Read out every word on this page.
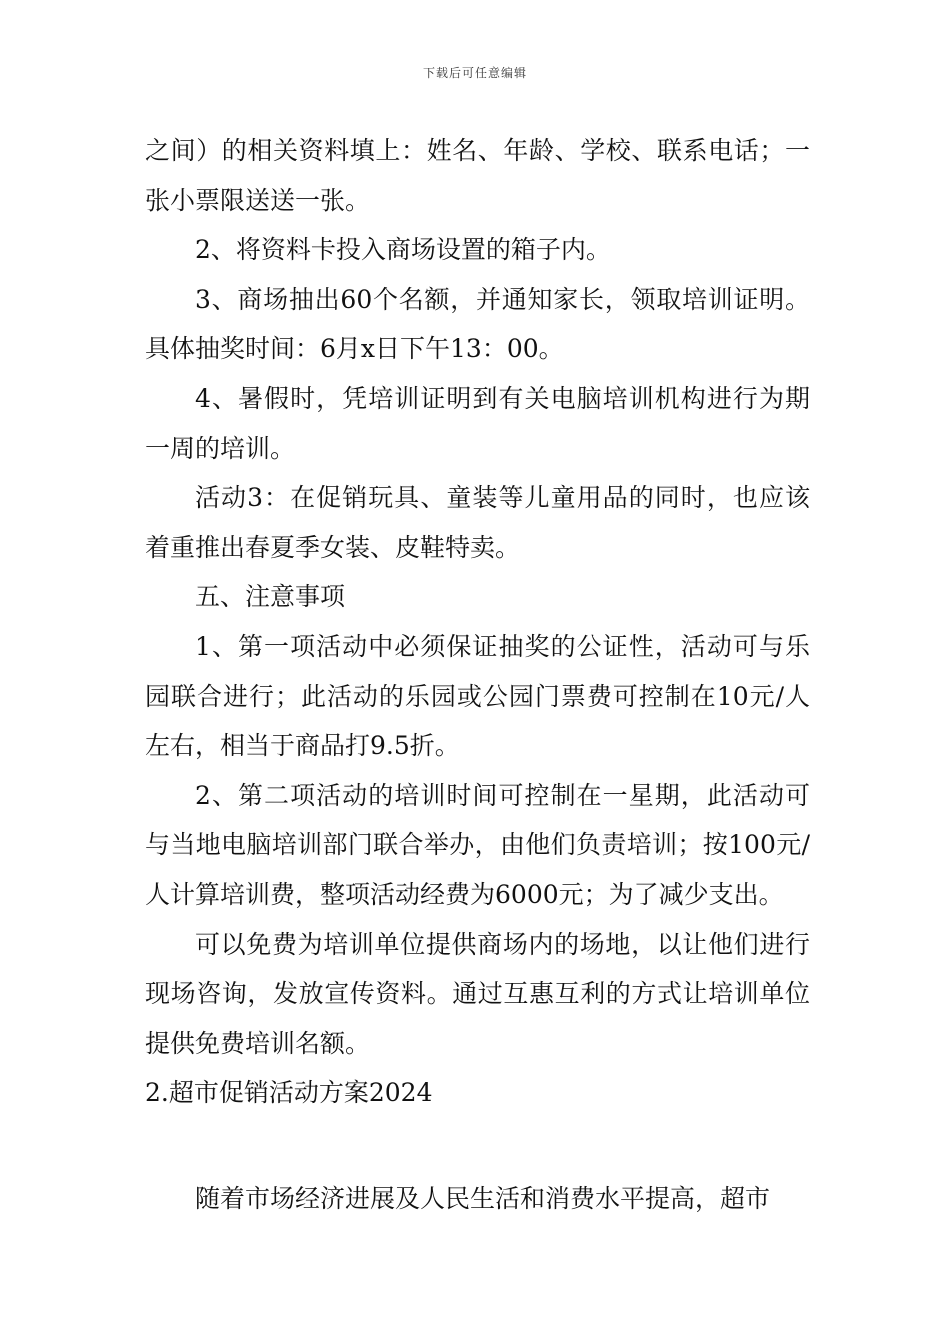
下载后可任意编辑

之间）的相关资料填上：姓名、年龄、学校、联系电话；一张小票限送送一张。

2、将资料卡投入商场设置的箱子内。

3、商场抽出60个名额，并通知家长，领取培训证明。具体抽奖时间：6月x日下午13：00。

4、暑假时，凭培训证明到有关电脑培训机构进行为期一周的培训。

活动3：在促销玩具、童装等儿童用品的同时，也应该着重推出春夏季女装、皮鞋特卖。

五、注意事项

1、第一项活动中必须保证抽奖的公证性，活动可与乐园联合进行；此活动的乐园或公园门票费可控制在10元/人左右，相当于商品打9.5折。

2、第二项活动的培训时间可控制在一星期，此活动可与当地电脑培训部门联合举办，由他们负责培训；按100元/人计算培训费，整项活动经费为6000元；为了减少支出。

可以免费为培训单位提供商场内的场地，以让他们进行现场咨询，发放宣传资料。通过互惠互利的方式让培训单位提供免费培训名额。

2.超市促销活动方案2024

随着市场经济进展及人民生活和消费水平提高，超市
